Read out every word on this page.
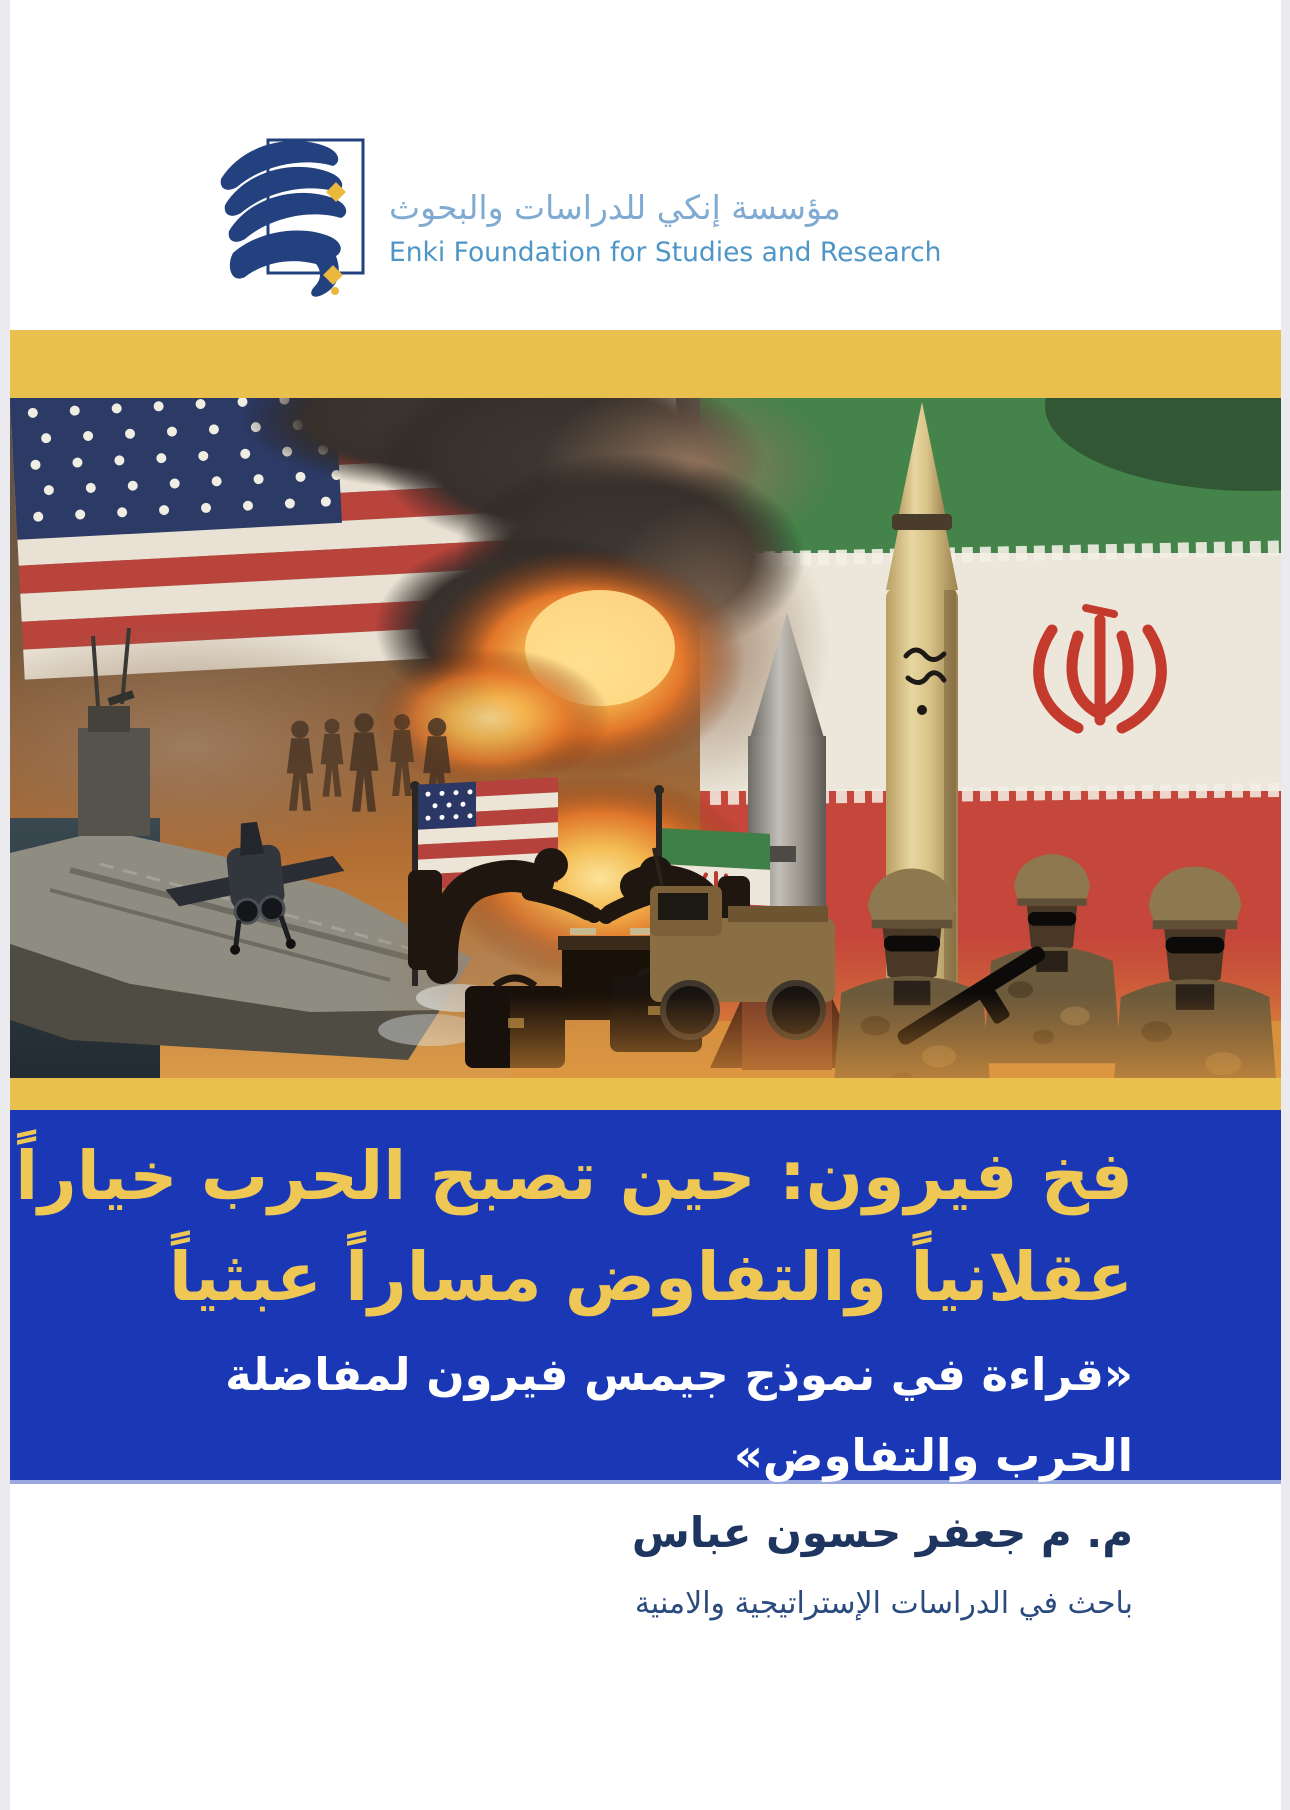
مؤسسة إنكي للدراسات والبحوث
Enki Foundation for Studies and Research
فخ فيرون: حين تصبح الحرب خياراً
عقلانياً والتفاوض مساراً عبثياً
«قراءة في نموذج جيمس فيرون لمفاضلة
الحرب والتفاوض»
م. م جعفر حسون عباس
باحث في الدراسات الإستراتيجية والامنية
